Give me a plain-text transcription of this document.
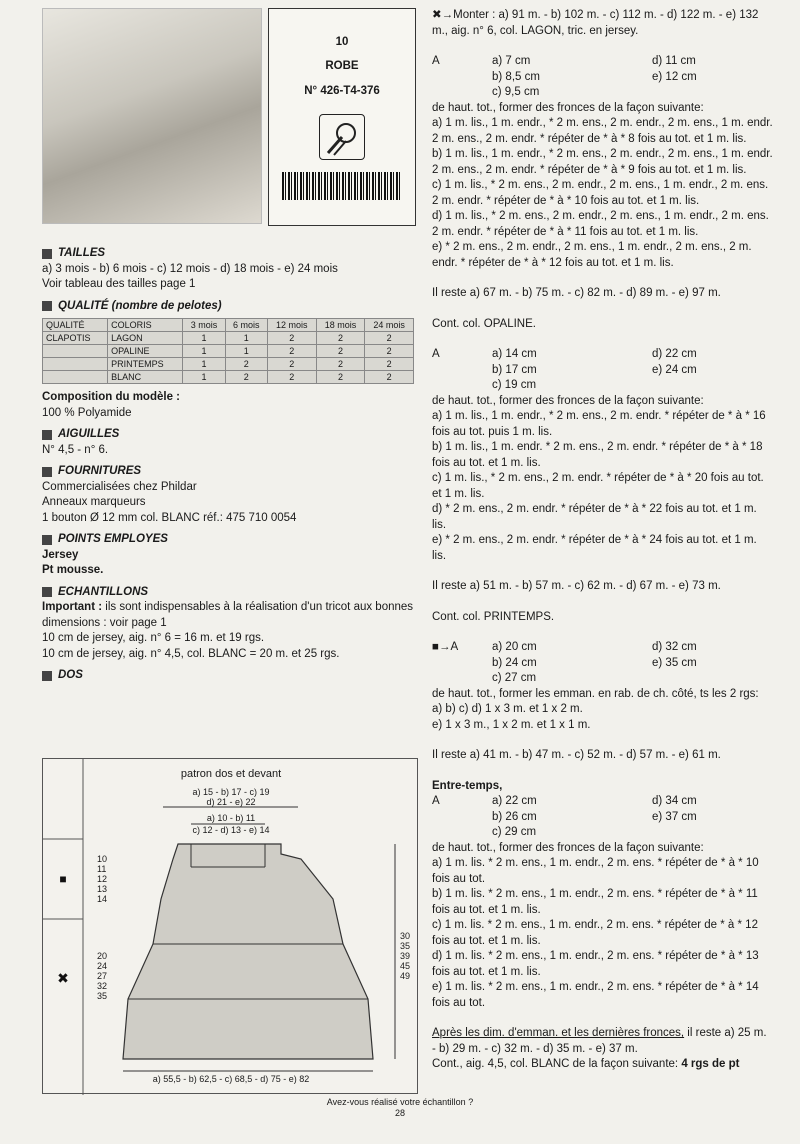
10
ROBE
N° 426-T4-376
TAILLES
a) 3 mois - b) 6 mois - c) 12 mois - d) 18 mois - e) 24 mois
Voir tableau des tailles page 1
QUALITÉ (nombre de pelotes)
QUALITÉ	COLORIS	3 mois	6 mois	12 mois	18 mois	24 mois
CLAPOTIS	LAGON	1	1	2	2	2
	OPALINE	1	1	2	2	2
	PRINTEMPS	1	2	2	2	2
	BLANC	1	2	2	2	2
Composition du modèle :
100 % Polyamide
AIGUILLES
N° 4,5 - n° 6.
FOURNITURES
Commercialisées chez Phildar
Anneaux marqueurs
1 bouton Ø 12 mm col. BLANC réf.: 475 710 0054
POINTS EMPLOYES
Jersey
Pt mousse.
ECHANTILLONS
Important : ils sont indispensables à la réalisation d'un tricot aux bonnes dimensions : voir page 1
10 cm de jersey, aig. n° 6 = 16 m. et 19 rgs.
10 cm de jersey, aig. n° 4,5, col. BLANC = 20 m. et 25 rgs.
DOS
■
✖
patron dos et devant
a) 15 - b) 17 - c) 19
d) 21 - e) 22
a) 10 - b) 11
c) 12 - d) 13 - e) 14
10
11
12
13
14
20
24
27
32
35
30
35
39
45
49
a) 55,5 - b) 62,5 - c) 68,5 - d) 75 - e) 82
✖→Monter : a) 91 m. - b) 102 m. - c) 112 m. - d) 122 m. - e) 132
m., aig. n° 6, col. LAGON, tric. en jersey.
A	a) 7 cm	d) 11 cm
b) 8,5 cm	e) 12 cm
c) 9,5 cm
de haut. tot., former des fronces de la façon suivante:
a) 1 m. lis., 1 m. endr., * 2 m. ens., 2 m. endr., 2 m. ens., 1 m. endr.
2 m. ens., 2 m. endr. * répéter de * à * 8 fois au tot. et 1 m. lis.
b) 1 m. lis., 1 m. endr., * 2 m. ens., 2 m. endr., 2 m. ens., 1 m. endr.
2 m. ens., 2 m. endr. * répéter de * à * 9 fois au tot. et 1 m. lis.
c) 1 m. lis., * 2 m. ens., 2 m. endr., 2 m. ens., 1 m. endr., 2 m. ens.
2 m. endr. * répéter de * à * 10 fois au tot. et 1 m. lis.
d) 1 m. lis., * 2 m. ens., 2 m. endr., 2 m. ens., 1 m. endr., 2 m. ens.
2 m. endr. * répéter de * à * 11 fois au tot. et 1 m. lis.
e) * 2 m. ens., 2 m. endr., 2 m. ens., 1 m. endr., 2 m. ens., 2 m.
endr. * répéter de * à * 12 fois au tot. et 1 m. lis.
Il reste a) 67 m. - b) 75 m. - c) 82 m. - d) 89 m. - e) 97 m.
Cont. col. OPALINE.
A	a) 14 cm	d) 22 cm
b) 17 cm	e) 24 cm
c) 19 cm
de haut. tot., former des fronces de la façon suivante:
a) 1 m. lis., 1 m. endr., * 2 m. ens., 2 m. endr. * répéter de * à * 16
fois au tot. puis 1 m. lis.
b) 1 m. lis., 1 m. endr. * 2 m. ens., 2 m. endr. * répéter de * à * 18
fois au tot. et 1 m. lis.
c) 1 m. lis., * 2 m. ens., 2 m. endr. * répéter de * à * 20 fois au tot.
et 1 m. lis.
d) * 2 m. ens., 2 m. endr. * répéter de * à * 22 fois au tot. et 1 m.
lis.
e) * 2 m. ens., 2 m. endr. * répéter de * à * 24 fois au tot. et 1 m.
lis.
Il reste a) 51 m. - b) 57 m. - c) 62 m. - d) 67 m. - e) 73 m.
Cont. col. PRINTEMPS.
■→A	a) 20 cm	d) 32 cm
b) 24 cm	e) 35 cm
c) 27 cm
de haut. tot., former les emman. en rab. de ch. côté, ts les 2 rgs:
a) b) c) d) 1 x 3 m. et 1 x 2 m.
e) 1 x 3 m., 1 x 2 m. et 1 x 1 m.
Il reste a) 41 m. - b) 47 m. - c) 52 m. - d) 57 m. - e) 61 m.
Entre-temps,
A	a) 22 cm	d) 34 cm
b) 26 cm	e) 37 cm
c) 29 cm
de haut. tot., former des fronces de la façon suivante:
a) 1 m. lis. * 2 m. ens., 1 m. endr., 2 m. ens. * répéter de * à * 10
fois au tot.
b) 1 m. lis. * 2 m. ens., 1 m. endr., 2 m. ens. * répéter de * à * 11
fois au tot. et 1 m. lis.
c) 1 m. lis. * 2 m. ens., 1 m. endr., 2 m. ens. * répéter de * à * 12
fois au tot. et 1 m. lis.
d) 1 m. lis. * 2 m. ens., 1 m. endr., 2 m. ens. * répéter de * à * 13
fois au tot. et 1 m. lis.
e) 1 m. lis. * 2 m. ens., 1 m. endr., 2 m. ens. * répéter de * à * 14
fois au tot.
Après les dim. d'emman. et les dernières fronces, il reste a) 25 m.
- b) 29 m. - c) 32 m. - d) 35 m. - e) 37 m.
Cont., aig. 4,5, col. BLANC de la façon suivante: 4 rgs de pt
Avez-vous réalisé votre échantillon ?
28
